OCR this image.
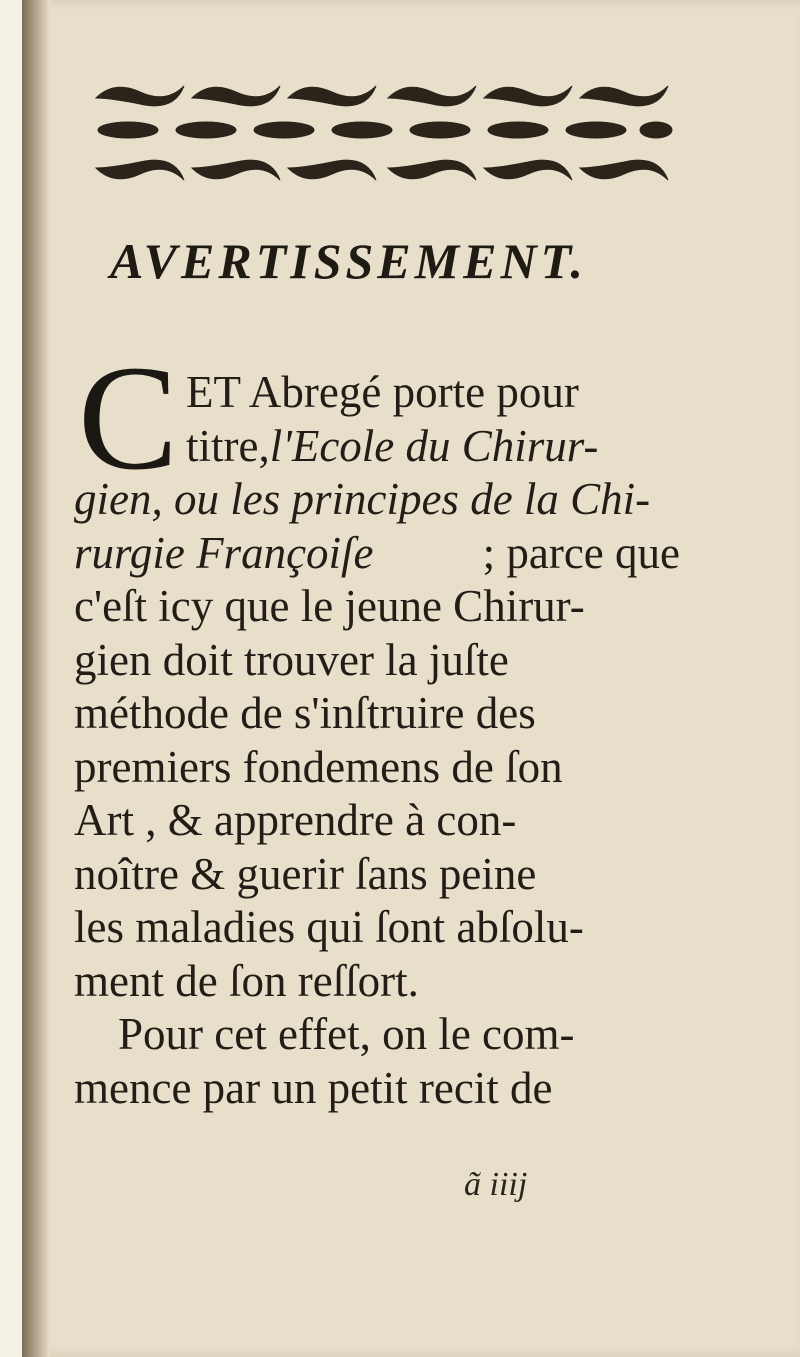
AVERTISSEMENT.
C ET Abregé porte pour
titre, l'Ecole du Chirur-
gien, ou les principes de la Chi-
rurgie Françoiſe ; parce que
c'eſt icy que le jeune Chirur-
gien doit trouver la juſte
méthode de s'inſtruire des
premiers fondemens de ſon
Art , & apprendre à con-
noître & guerir ſans peine
les maladies qui ſont abſolu-
ment de ſon reſſort.
Pour cet effet, on le com-
mence par un petit recit de
ã iiij
